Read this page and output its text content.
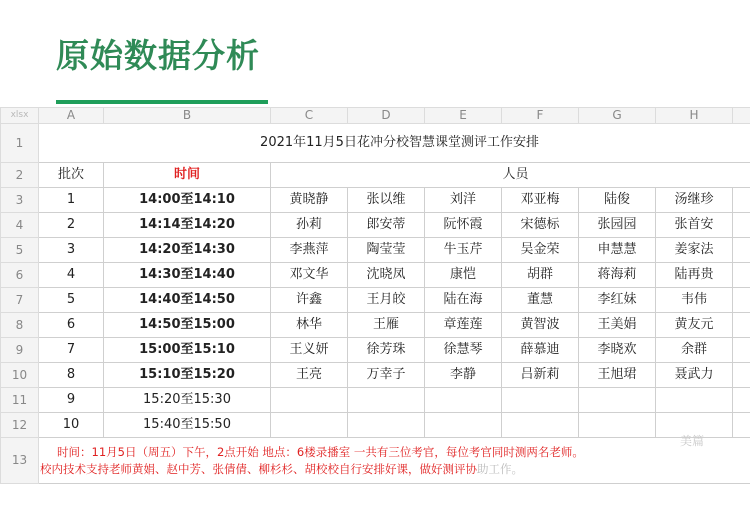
原始数据分析
xlsx	A	B	C	D	E	F	G	H	
1	2021年11月5日花冲分校智慧课堂测评工作安排								
2	批次	时间	人员						
3	1	14:00至14:10	黄晓静	张以维	刘洋	邓亚梅	陆俊	汤继珍	
4	2	14:14至14:20	孙莉	郎安蒂	阮怀霞	宋德标	张园园	张首安	
5	3	14:20至14:30	李燕萍	陶莹莹	牛玉芹	吴金荣	申慧慧	姜家法	
6	4	14:30至14:40	邓文华	沈晓凤	康恺	胡群	蒋海莉	陆再贵	
7	5	14:40至14:50	许鑫	王月皎	陆在海	董慧	李红妹	韦伟	
8	6	14:50至15:00	林华	王雁	章莲莲	黄智波	王美娟	黄友元	
9	7	15:00至15:10	王义妍	徐芳珠	徐慧琴	薛慕迪	李晓欢	余群	
10	8	15:10至15:20	王亮	万幸子	李静	吕新莉	王旭珺	聂武力	
11	9	15:20至15:30							
12	10	15:40至15:50							
13	时间：11月5日（周五）下午，2点开始 地点：6楼录播室 一共有三位考官，每位考官同时测两名老师。
校内技术支持老师黄娟、赵中芳、张倩倩、柳杉杉、胡校校自行安排好课，做好测评协助工作。								
美篇
